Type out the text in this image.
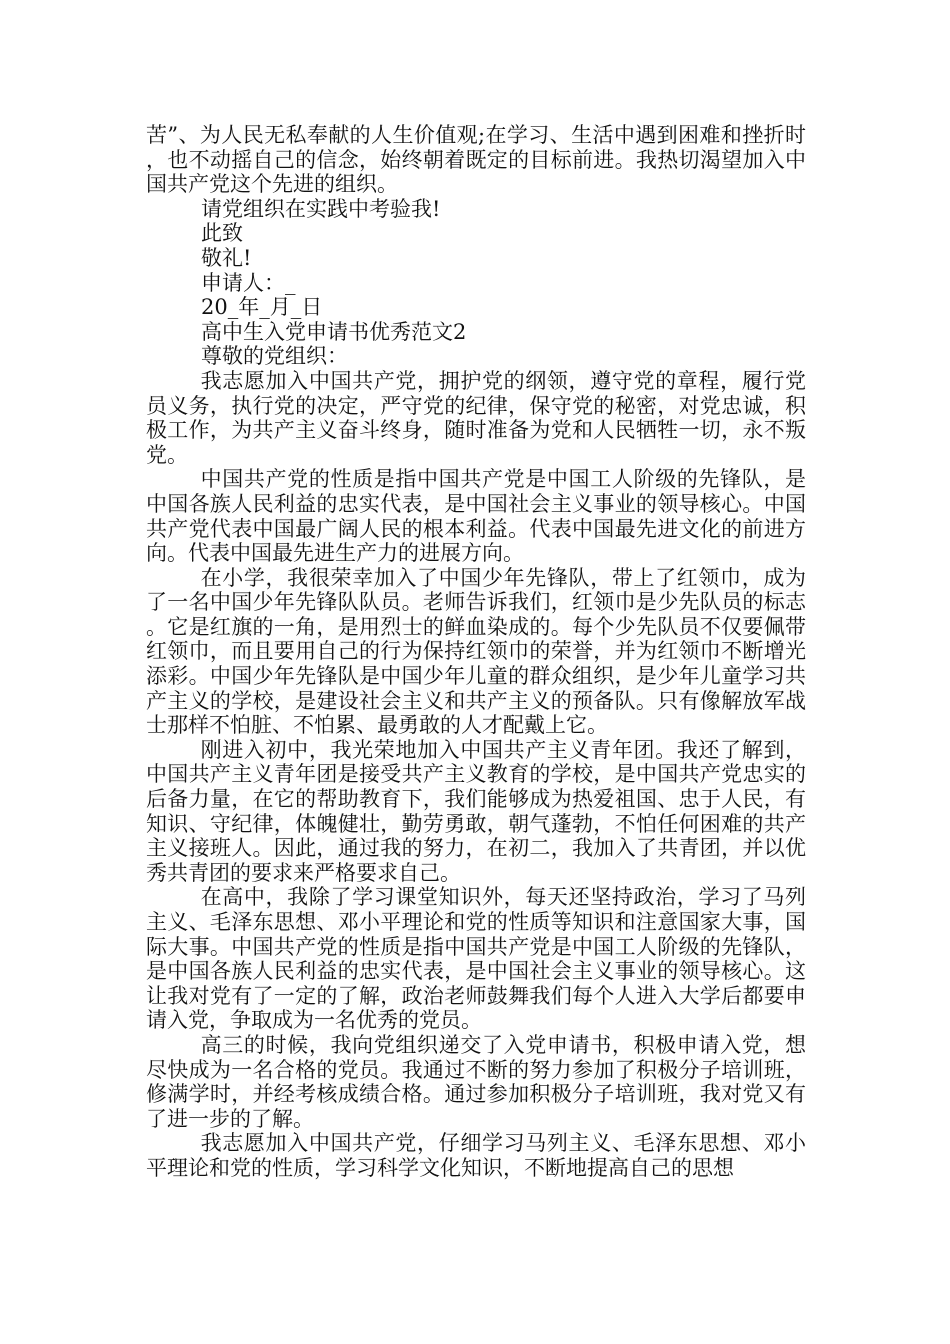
苦”、为人民无私奉献的人生价值观;在学习、生活中遇到困难和挫折时，也不动摇自己的信念，始终朝着既定的目标前进。我热切渴望加入中国共产党这个先进的组织。

请党组织在实践中考验我!

此致

敬礼!

申请人：_

20_年_月_日

高中生入党申请书优秀范文2

尊敬的党组织：

我志愿加入中国共产党，拥护党的纲领，遵守党的章程，履行党员义务，执行党的决定，严守党的纪律，保守党的秘密，对党忠诚，积极工作，为共产主义奋斗终身，随时准备为党和人民牺牲一切，永不叛党。

中国共产党的性质是指中国共产党是中国工人阶级的先锋队，是中国各族人民利益的忠实代表，是中国社会主义事业的领导核心。中国共产党代表中国最广阔人民的根本利益。代表中国最先进文化的前进方向。代表中国最先进生产力的进展方向。

在小学，我很荣幸加入了中国少年先锋队，带上了红领巾，成为了一名中国少年先锋队队员。老师告诉我们，红领巾是少先队员的标志。它是红旗的一角，是用烈士的鲜血染成的。每个少先队员不仅要佩带红领巾，而且要用自己的行为保持红领巾的荣誉，并为红领巾不断增光添彩。中国少年先锋队是中国少年儿童的群众组织，是少年儿童学习共产主义的学校，是建设社会主义和共产主义的预备队。只有像解放军战士那样不怕脏、不怕累、最勇敢的人才配戴上它。

刚进入初中，我光荣地加入中国共产主义青年团。我还了解到，中国共产主义青年团是接受共产主义教育的学校，是中国共产党忠实的后备力量，在它的帮助教育下，我们能够成为热爱祖国、忠于人民，有知识、守纪律，体魄健壮，勤劳勇敢，朝气蓬勃，不怕任何困难的共产主义接班人。因此，通过我的努力，在初二，我加入了共青团，并以优秀共青团的要求来严格要求自己。

在高中，我除了学习课堂知识外，每天还坚持政治，学习了马列主义、毛泽东思想、邓小平理论和党的性质等知识和注意国家大事，国际大事。中国共产党的性质是指中国共产党是中国工人阶级的先锋队，是中国各族人民利益的忠实代表，是中国社会主义事业的领导核心。这让我对党有了一定的了解，政治老师鼓舞我们每个人进入大学后都要申请入党，争取成为一名优秀的党员。

高三的时候，我向党组织递交了入党申请书，积极申请入党，想尽快成为一名合格的党员。我通过不断的努力参加了积极分子培训班，修满学时，并经考核成绩合格。通过参加积极分子培训班，我对党又有了进一步的了解。

我志愿加入中国共产党，仔细学习马列主义、毛泽东思想、邓小平理论和党的性质，学习科学文化知识，不断地提高自己的思想
